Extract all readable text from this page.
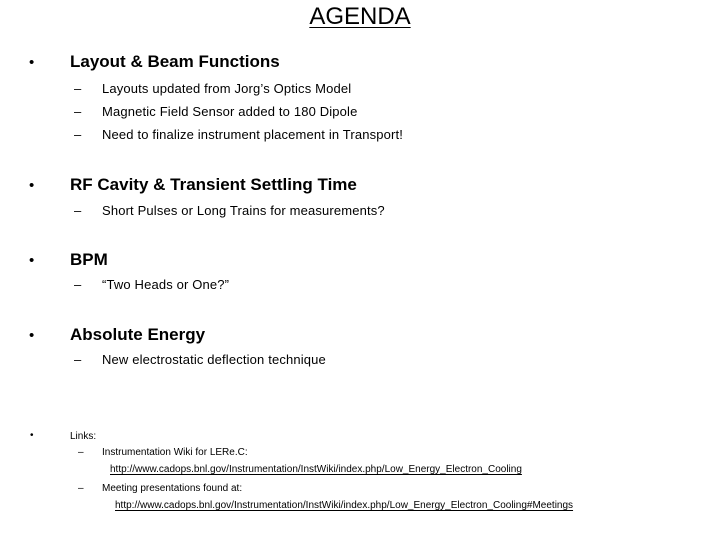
AGENDA
• Layout & Beam Functions
– Layouts updated from Jorg’s Optics Model
– Magnetic Field Sensor added to 180 Dipole
– Need to finalize instrument placement in Transport!
• RF Cavity & Transient Settling Time
– Short Pulses or Long Trains for measurements?
• BPM
– “Two Heads or One?”
• Absolute Energy
– New electrostatic deflection technique
•	Links:
– Instrumentation Wiki for LERe.C:
http://www.cadops.bnl.gov/Instrumentation/InstWiki/index.php/Low_Energy_Electron_Cooling
– Meeting presentations found at:
http://www.cadops.bnl.gov/Instrumentation/InstWiki/index.php/Low_Energy_Electron_Cooling#Meetings
